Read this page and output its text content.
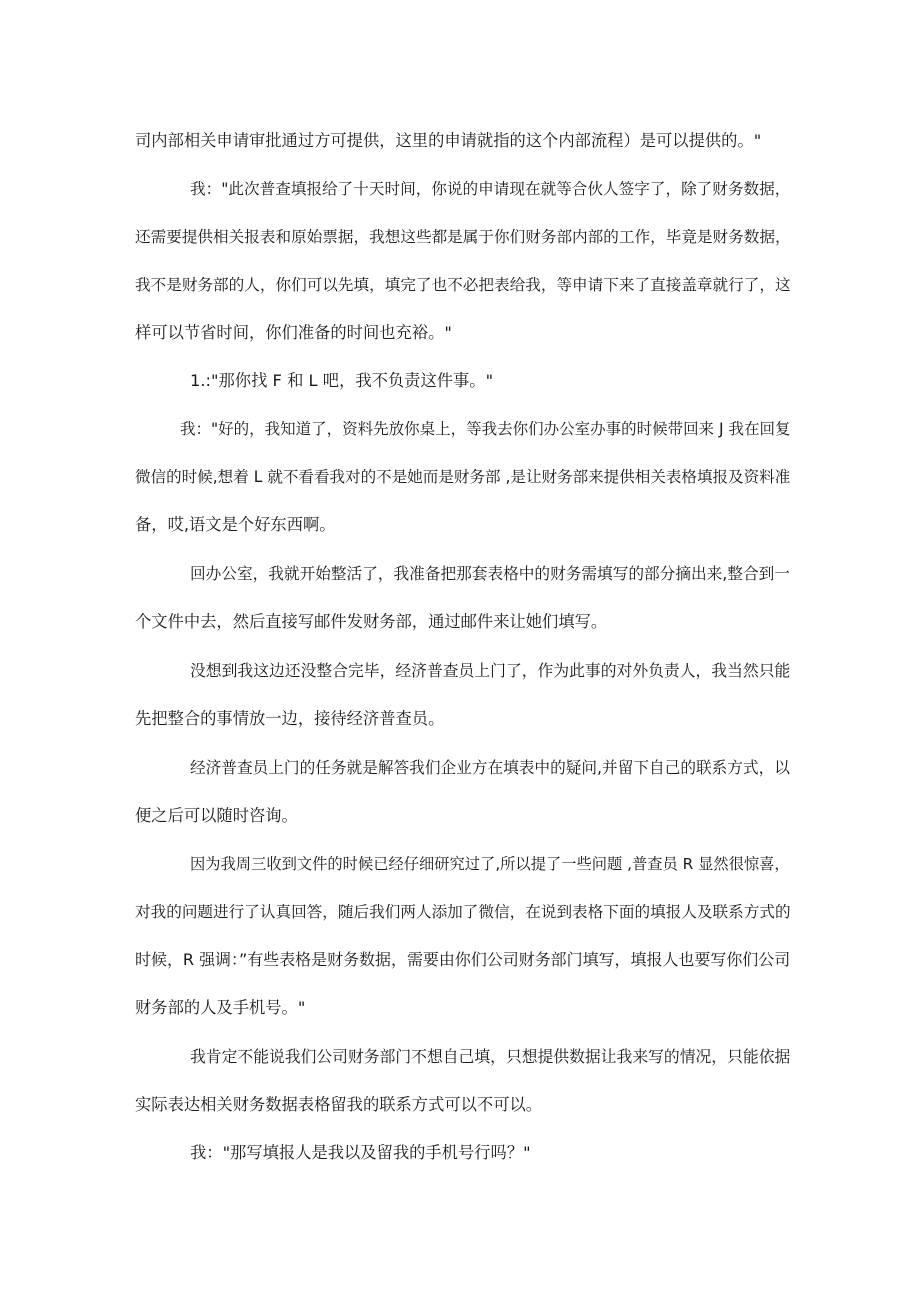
司内部相关申请审批通过方可提供，这里的申请就指的这个内部流程）是可以提供的。"
我："此次普查填报给了十天时间，你说的申请现在就等合伙人签字了，除了财务数据，
还需要提供相关报表和原始票据，我想这些都是属于你们财务部内部的工作，毕竟是财务数据，
我不是财务部的人，你们可以先填，填完了也不必把表给我，等申请下来了直接盖章就行了，这
样可以节省时间，你们准备的时间也充裕。"
1.:"那你找 F 和 L 吧，我不负责这件事。"
我："好的，我知道了，资料先放你桌上，等我去你们办公室办事的时候带回来 J 我在回复
微信的时候,想着 L 就不看看我对的不是她而是财务部 ,是让财务部来提供相关表格填报及资料准
备，哎,语文是个好东西啊。
回办公室，我就开始整活了，我准备把那套表格中的财务需填写的部分摘出来,整合到一
个文件中去，然后直接写邮件发财务部，通过邮件来让她们填写。
没想到我这边还没整合完毕，经济普查员上门了，作为此事的对外负责人，我当然只能
先把整合的事情放一边，接待经济普查员。
经济普查员上门的任务就是解答我们企业方在填表中的疑问,并留下自己的联系方式，以
便之后可以随时咨询。
因为我周三收到文件的时候已经仔细研究过了,所以提了一些问题 ,普查员 R 显然很惊喜，
对我的问题进行了认真回答，随后我们两人添加了微信，在说到表格下面的填报人及联系方式的
时候，R 强调：”有些表格是财务数据，需要由你们公司财务部门填写，填报人也要写你们公司
财务部的人及手机号。"
我肯定不能说我们公司财务部门不想自己填，只想提供数据让我来写的情况，只能依据
实际表达相关财务数据表格留我的联系方式可以不可以。
我："那写填报人是我以及留我的手机号行吗？"
